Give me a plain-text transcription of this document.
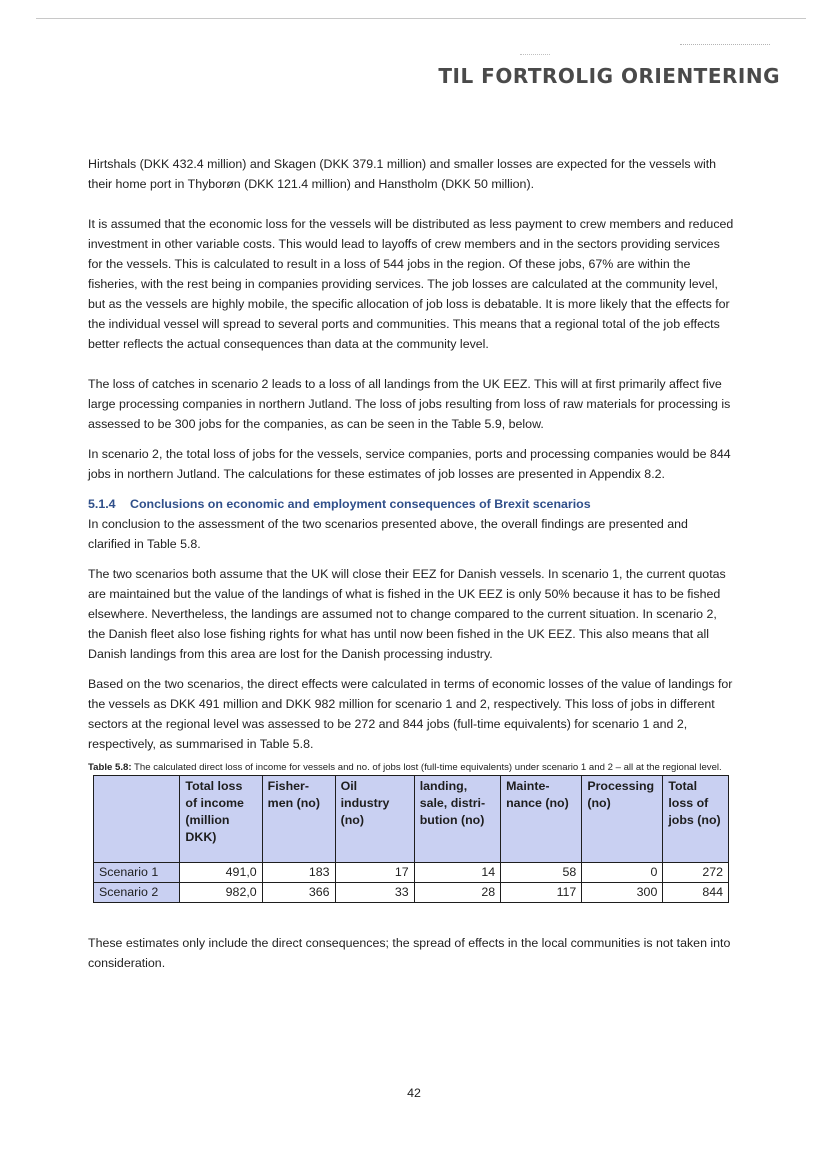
TIL FORTROLIG ORIENTERING

Hirtshals (DKK 432.4 million) and Skagen (DKK 379.1 million) and smaller losses are expected for the vessels with their home port in Thyborøn (DKK 121.4 million) and Hanstholm (DKK 50 million).

It is assumed that the economic loss for the vessels will be distributed as less payment to crew members and reduced investment in other variable costs. This would lead to layoffs of crew members and in the sectors providing services for the vessels. This is calculated to result in a loss of 544 jobs in the region. Of these jobs, 67% are within the fisheries, with the rest being in companies providing services. The job losses are calculated at the community level, but as the vessels are highly mobile, the specific allocation of job loss is debatable. It is more likely that the effects for the individual vessel will spread to several ports and communities. This means that a regional total of the job effects better reflects the actual consequences than data at the community level.

The loss of catches in scenario 2 leads to a loss of all landings from the UK EEZ. This will at first primarily affect five large processing companies in northern Jutland. The loss of jobs resulting from loss of raw materials for processing is assessed to be 300 jobs for the companies, as can be seen in the Table 5.9, below.

In scenario 2, the total loss of jobs for the vessels, service companies, ports and processing companies would be 844 jobs in northern Jutland. The calculations for these estimates of job losses are presented in Appendix 8.2.

5.1.4 Conclusions on economic and employment consequences of Brexit scenarios

In conclusion to the assessment of the two scenarios presented above, the overall findings are presented and clarified in Table 5.8.

The two scenarios both assume that the UK will close their EEZ for Danish vessels. In scenario 1, the current quotas are maintained but the value of the landings of what is fished in the UK EEZ is only 50% because it has to be fished elsewhere. Nevertheless, the landings are assumed not to change compared to the current situation. In scenario 2, the Danish fleet also lose fishing rights for what has until now been fished in the UK EEZ. This also means that all Danish landings from this area are lost for the Danish processing industry.

Based on the two scenarios, the direct effects were calculated in terms of economic losses of the value of landings for the vessels as DKK 491 million and DKK 982 million for scenario 1 and 2, respectively. This loss of jobs in different sectors at the regional level was assessed to be 272 and 844 jobs (full-time equivalents) for scenario 1 and 2, respectively, as summarised in Table 5.8.

Table 5.8: The calculated direct loss of income for vessels and no. of jobs lost (full-time equivalents) under scenario 1 and 2 – all at the regional level.
	Total loss of income (million DKK)	Fisher-men (no)	Oil industry (no)	landing, sale, distri-bution (no)	Mainte-nance (no)	Processing (no)	Total loss of jobs (no)
Scenario 1	491,0	183	17	14	58	0	272
Scenario 2	982,0	366	33	28	117	300	844

These estimates only include the direct consequences; the spread of effects in the local communities is not taken into consideration.

42
